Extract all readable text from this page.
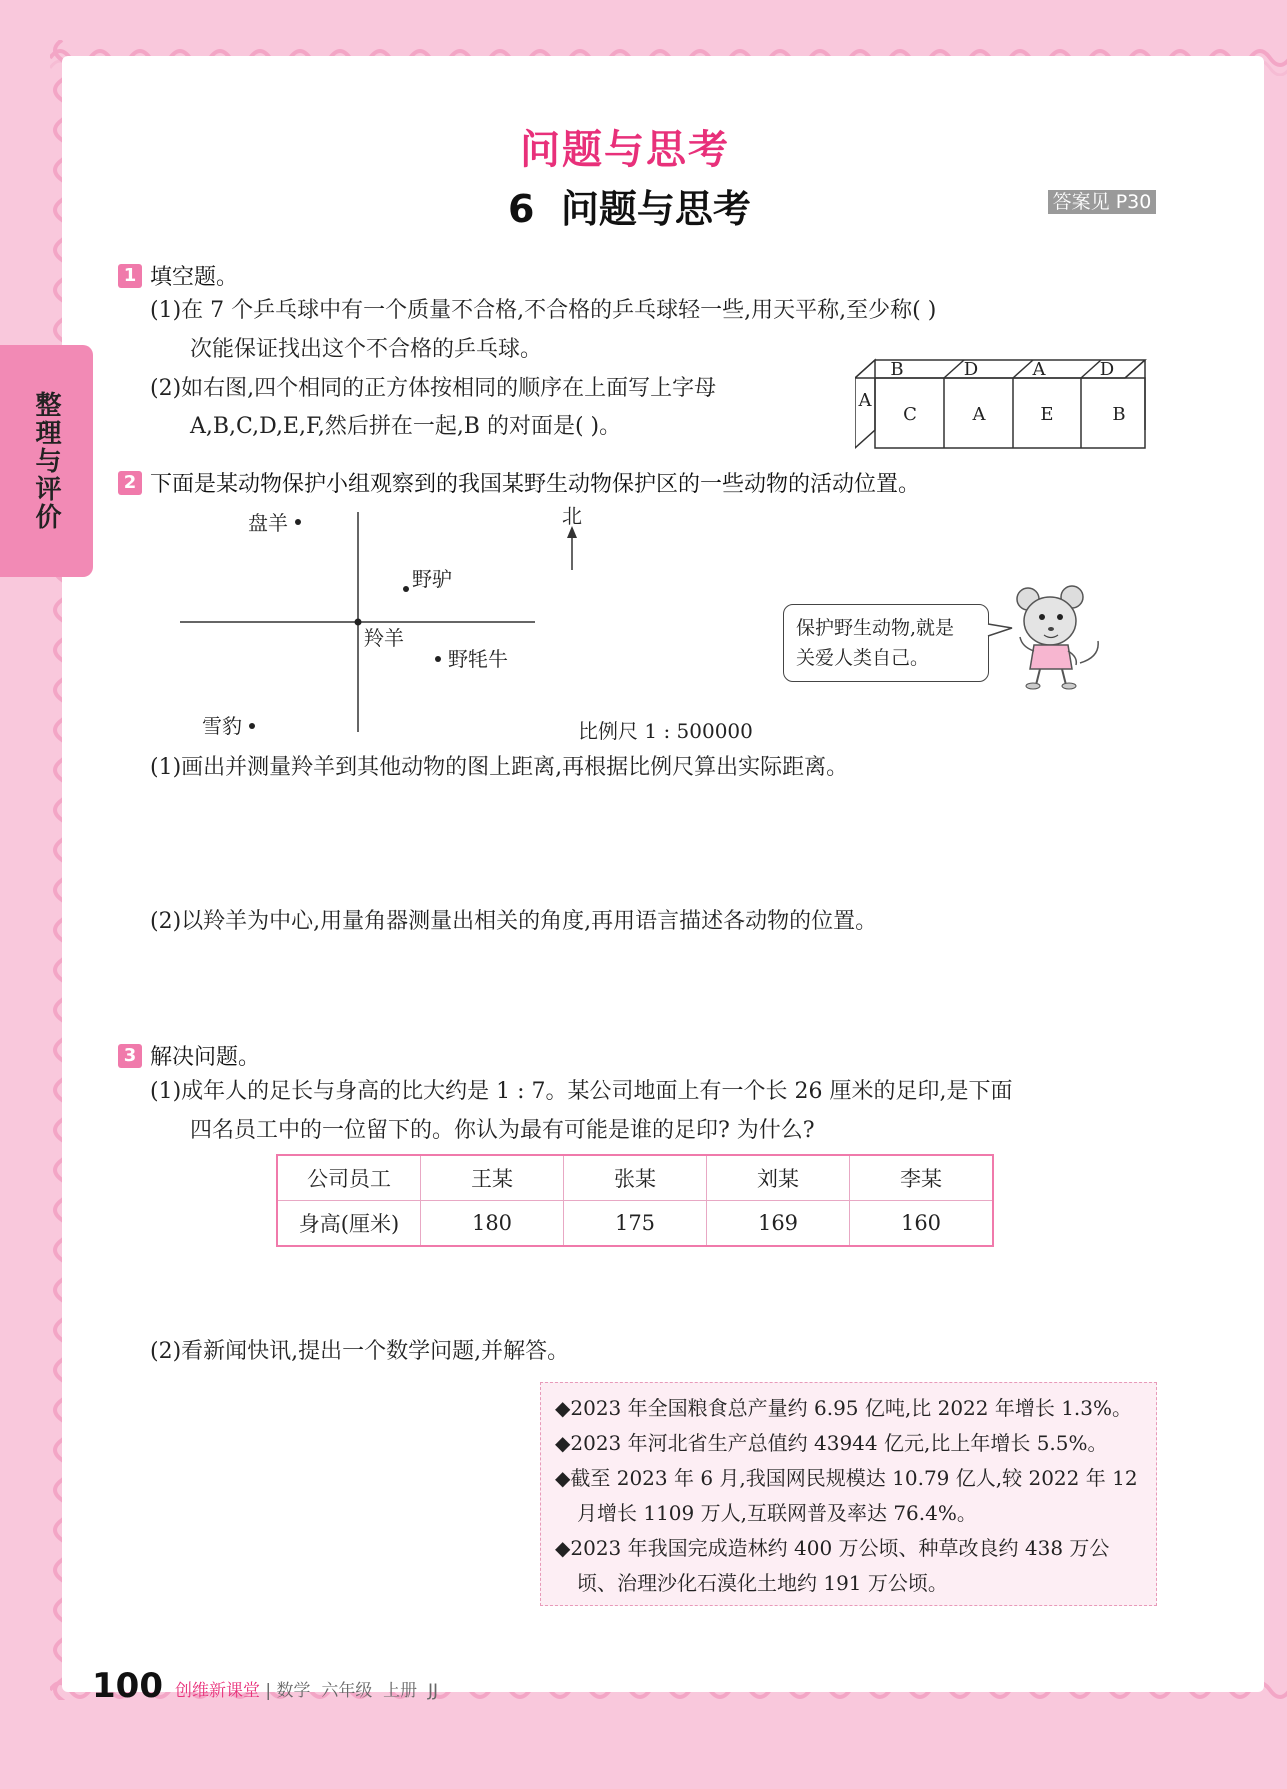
整理与评价
问题与思考
6  问题与思考	答案见 P30
1 填空题。
(1)在 7 个乒乓球中有一个质量不合格,不合格的乒乓球轻一些,用天平称,至少称( )
次能保证找出这个不合格的乒乓球。
(2)如右图,四个相同的正方体按相同的顺序在上面写上字母
A,B,C,D,E,F,然后拼在一起,B 的对面是( )。
B	D	A	D
A
C	A	E	B
2 下面是某动物保护小组观察到的我国某野生动物保护区的一些动物的活动位置。
北
盘羊
野驴
羚羊
野牦牛
雪豹	比例尺 1 : 500000
保护野生动物,就是
关爱人类自己。
(1)画出并测量羚羊到其他动物的图上距离,再根据比例尺算出实际距离。
(2)以羚羊为中心,用量角器测量出相关的角度,再用语言描述各动物的位置。
3 解决问题。
(1)成年人的足长与身高的比大约是 1 : 7。某公司地面上有一个长 26 厘米的足印,是下面
四名员工中的一位留下的。你认为最有可能是谁的足印? 为什么?
公司员工	王某	张某	刘某	李某
身高(厘米)	180	175	169	160
(2)看新闻快讯,提出一个数学问题,并解答。
◆2023 年全国粮食总产量约 6.95 亿吨,比 2022 年增长 1.3%。
◆2023 年河北省生产总值约 43944 亿元,比上年增长 5.5%。
◆截至 2023 年 6 月,我国网民规模达 10.79 亿人,较 2022 年 12
月增长 1109 万人,互联网普及率达 76.4%。
◆2023 年我国完成造林约 400 万公顷、种草改良约 438 万公
顷、治理沙化石漠化土地约 191 万公顷。
100 创维新课堂 | 数学  六年级  上册  JJ
